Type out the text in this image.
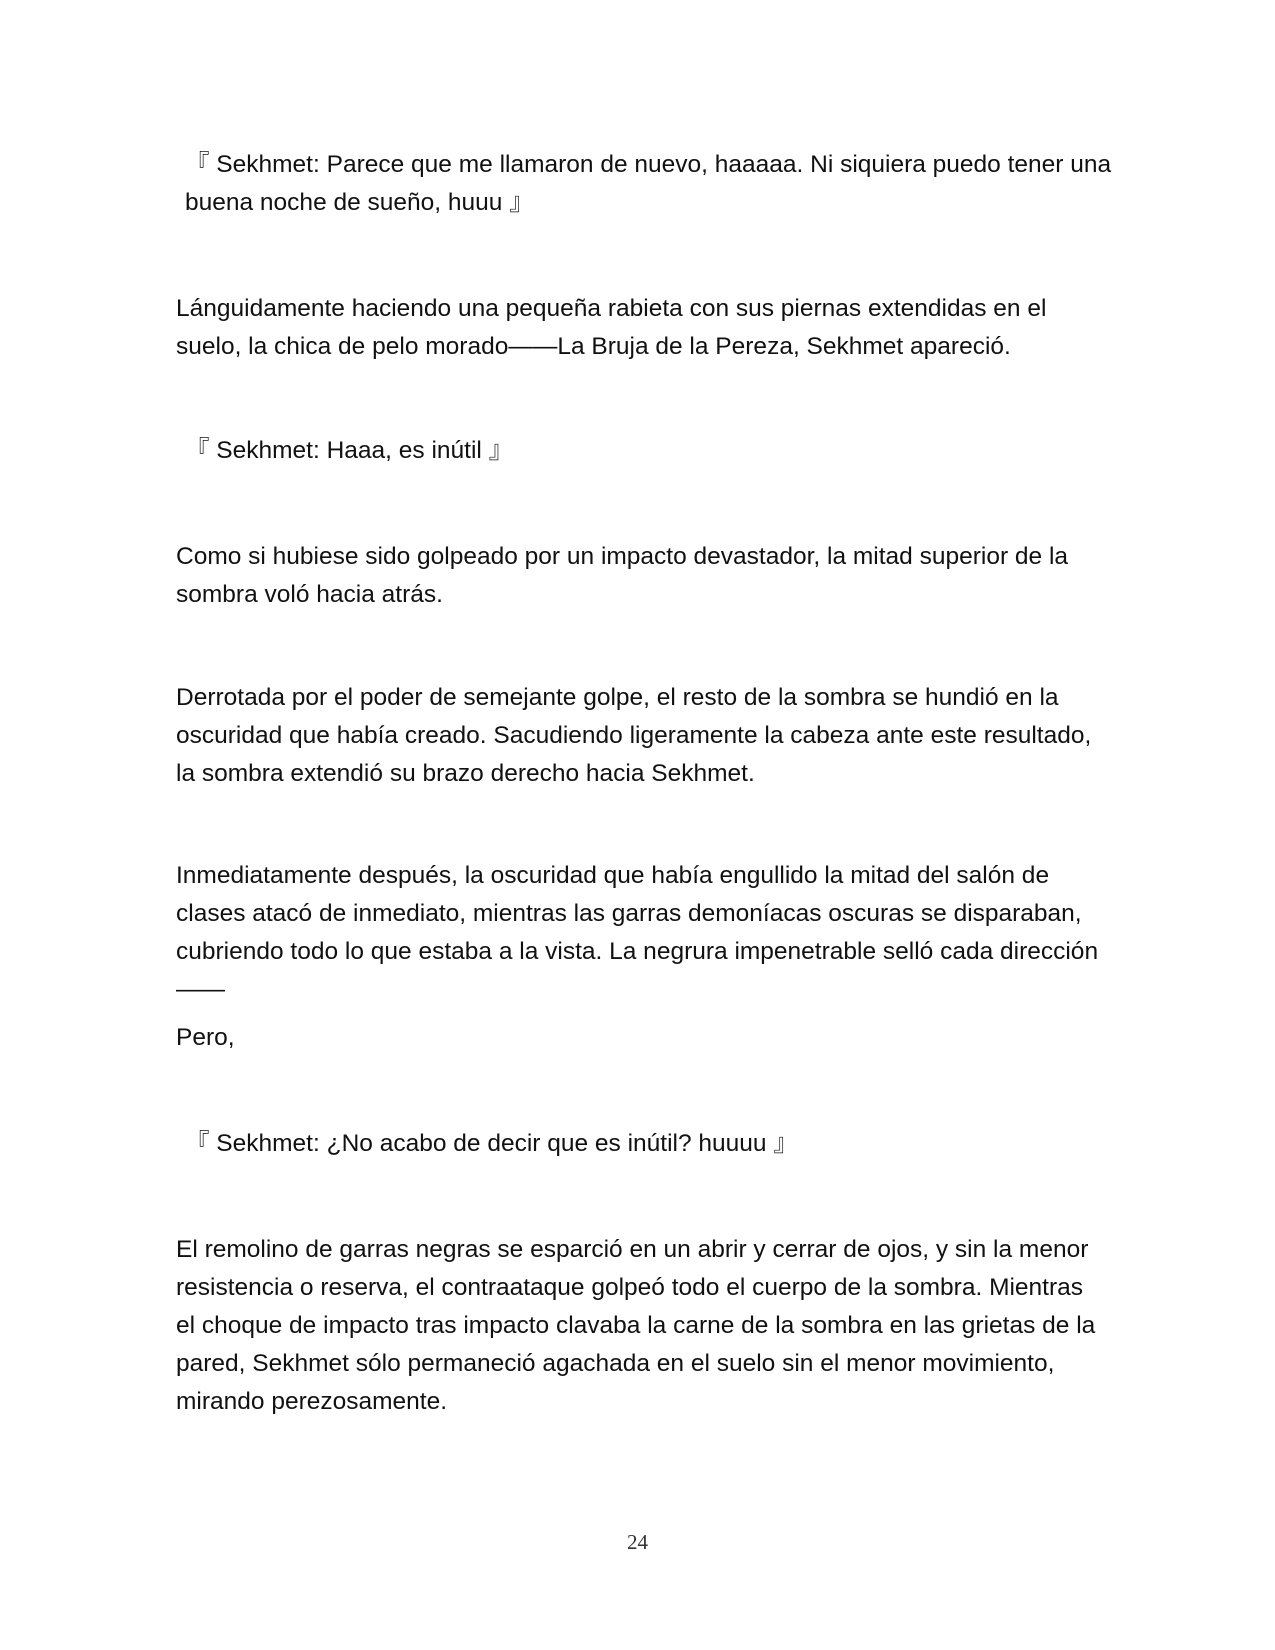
『 Sekhmet: Parece que me llamaron de nuevo, haaaaa. Ni siquiera puedo tener una buena noche de sueño, huuu 』

Lánguidamente haciendo una pequeña rabieta con sus piernas extendidas en el suelo, la chica de pelo morado——La Bruja de la Pereza, Sekhmet apareció.

『 Sekhmet: Haaa, es inútil 』

Como si hubiese sido golpeado por un impacto devastador, la mitad superior de la sombra voló hacia atrás.

Derrotada por el poder de semejante golpe, el resto de la sombra se hundió en la oscuridad que había creado. Sacudiendo ligeramente la cabeza ante este resultado, la sombra extendió su brazo derecho hacia Sekhmet.

Inmediatamente después, la oscuridad que había engullido la mitad del salón de clases atacó de inmediato, mientras las garras demoníacas oscuras se disparaban, cubriendo todo lo que estaba a la vista. La negrura impenetrable selló cada dirección ——

Pero,

『 Sekhmet: ¿No acabo de decir que es inútil? huuuu 』

El remolino de garras negras se esparció en un abrir y cerrar de ojos, y sin la menor resistencia o reserva, el contraataque golpeó todo el cuerpo de la sombra. Mientras el choque de impacto tras impacto clavaba la carne de la sombra en las grietas de la pared, Sekhmet sólo permaneció agachada en el suelo sin el menor movimiento, mirando perezosamente.

24
